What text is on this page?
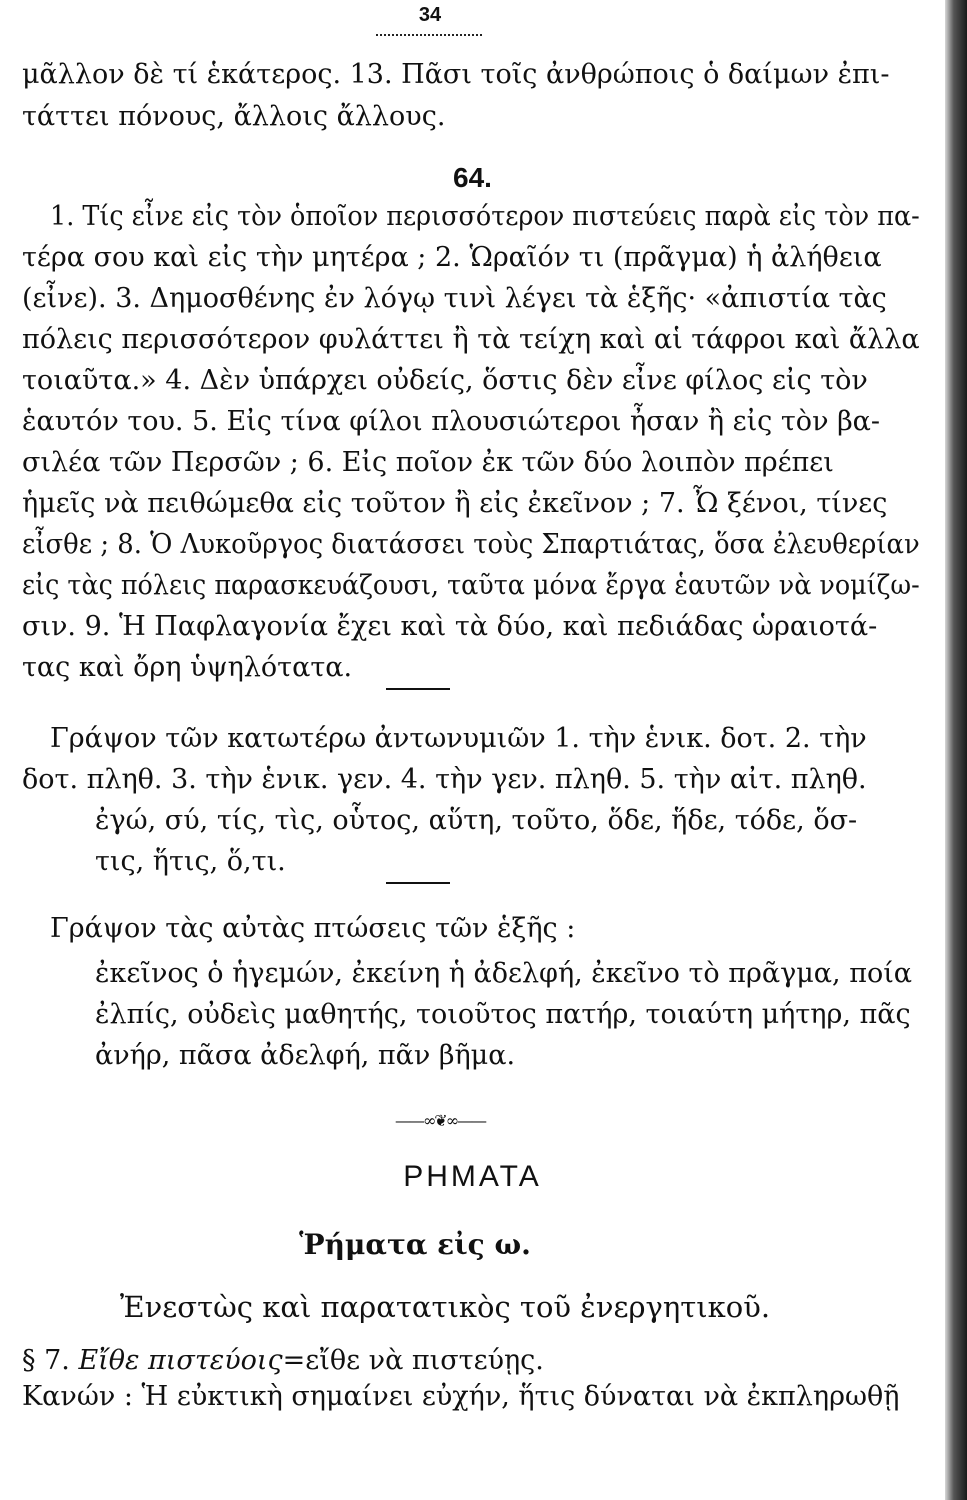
34
μᾶλλον δὲ τί ἑκάτερος. 13. Πᾶσι τοῖς ἀνθρώποις ὁ δαίμων ἐπι-
τάττει πόνους, ἄλλοις ἄλλους.
64.
1. Τίς εἶνε εἰς τὸν ὁποῖον περισσότερον πιστεύεις παρὰ εἰς τὸν πα-
τέρα σου καὶ εἰς τὴν μητέρα ; 2. Ὡραῖόν τι (πρᾶγμα) ἡ ἀλήθεια
(εἶνε). 3. Δημοσθένης ἐν λόγῳ τινὶ λέγει τὰ ἑξῆς· «ἀπιστία τὰς
πόλεις περισσότερον φυλάττει ἢ τὰ τείχη καὶ αἱ τάφροι καὶ ἄλλα
τοιαῦτα.» 4. Δὲν ὑπάρχει οὐδείς, ὅστις δὲν εἶνε φίλος εἰς τὸν
ἑαυτόν του. 5. Εἰς τίνα φίλοι πλουσιώτεροι ἦσαν ἢ εἰς τὸν βα-
σιλέα τῶν Περσῶν ; 6. Εἰς ποῖον ἐκ τῶν δύο λοιπὸν πρέπει
ἡμεῖς νὰ πειθώμεθα εἰς τοῦτον ἢ εἰς ἐκεῖνον ; 7. Ὦ ξένοι, τίνες
εἶσθε ; 8. Ὁ Λυκοῦργος διατάσσει τοὺς Σπαρτιάτας, ὅσα ἐλευθερίαν
εἰς τὰς πόλεις παρασκευάζουσι, ταῦτα μόνα ἔργα ἑαυτῶν νὰ νομίζω-
σιν. 9. Ἡ Παφλαγονία ἔχει καὶ τὰ δύο, καὶ πεδιάδας ὡραιοτά-
τας καὶ ὄρη ὑψηλότατα.
Γράψον τῶν κατωτέρω ἀντωνυμιῶν 1. τὴν ἑνικ. δοτ. 2. τὴν
δοτ. πληθ. 3. τὴν ἑνικ. γεν. 4. τὴν γεν. πληθ. 5. τὴν αἰτ. πληθ.
ἐγώ, σύ, τίς, τὶς, οὗτος, αὕτη, τοῦτο, ὅδε, ἥδε, τόδε, ὅσ-
τις, ἥτις, ὅ,τι.
Γράψον τὰς αὐτὰς πτώσεις τῶν ἑξῆς :
ἐκεῖνος ὁ ἡγεμών, ἐκείνη ἡ ἀδελφή, ἐκεῖνο τὸ πρᾶγμα, ποία
ἐλπίς, οὐδεὶς μαθητής, τοιοῦτος πατήρ, τοιαύτη μήτηρ, πᾶς
ἀνήρ, πᾶσα ἀδελφή, πᾶν βῆμα.
——∞❦∞——
ΡΗΜΑΤΑ
Ῥήματα εἰς ω.
Ἐνεστὼς καὶ παρατατικὸς τοῦ ἐνεργητικοῦ.
§ 7. Εἴθε πιστεύοις=εἴθε νὰ πιστεύῃς.
Κανών : Ἡ εὐκτικὴ σημαίνει εὐχήν, ἥτις δύναται νὰ ἐκπληρωθῇ
